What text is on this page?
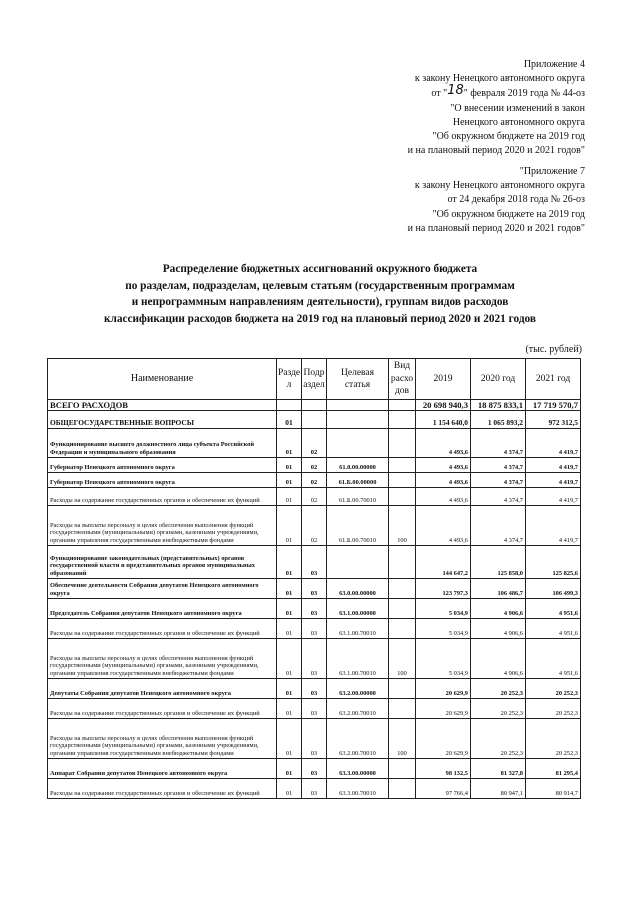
Приложение 4
к закону Ненецкого автономного округа
от "18" февраля 2019 года № 44-оз
"О внесении изменений в закон
Ненецкого автономного округа
"Об окружном бюджете на 2019 год
и на плановый период 2020 и 2021 годов"
"Приложение 7
к закону Ненецкого автономного округа
от 24 декабря 2018 года № 26-оз
"Об окружном бюджете на 2019 год
и на плановый период 2020 и 2021 годов"
Распределение бюджетных ассигнований окружного бюджета
по разделам, подразделам, целевым статьям (государственным программам
и непрограммным направлениям деятельности), группам видов расходов
классификации расходов бюджета на 2019 год на плановый период 2020 и 2021 годов
(тыс. рублей)
Наименование	Разде л	Подр аздел	Целевая статья	Вид расхо дов	2019	2020 год	2021 год
ВСЕГО РАСХОДОВ					20 698 940,3	18 875 833,1	17 719 570,7
ОБЩЕГОСУДАРСТВЕННЫЕ ВОПРОСЫ	01				1 154 640,0	1 065 893,2	972 312,5
Функционирование высшего должностного лица субъекта Российской Федерации и муниципального образования	01	02			4 493,6	4 374,7	4 419,7
Губернатор Ненецкого автономного округа	01	02	61.0.00.00000		4 493,6	4 374,7	4 419,7
Губернатор Ненецкого автономного округа	01	02	61.Б.00.00000		4 493,6	4 374,7	4 419,7
Расходы на содержание государственных органов и обеспечение их функций	01	02	61.Б.00.70010		4 493,6	4 374,7	4 419,7
Расходы на выплаты персоналу в целях обеспечения выполнения функций государственными (муниципальными) органами, казенными учреждениями, органами управления государственными внебюджетными фондами	01	02	61.Б.00.70010	100	4 493,6	4 374,7	4 419,7
Функционирование законодательных (представительных) органов государственной власти и представительных органов муниципальных образований	01	03			144 647,2	125 858,0	125 825,6
Обеспечение деятельности Собрания депутатов Ненецкого автономного округа	01	03	63.0.00.00000		123 797,3	106 486,7	106 499,3
Председатель Собрания депутатов Ненецкого автономного округа	01	03	63.1.00.00000		5 034,9	4 906,6	4 951,6
Расходы на содержание государственных органов и обеспечение их функций	01	03	63.1.00.70010		5 034,9	4 906,6	4 951,6
Расходы на выплаты персоналу в целях обеспечения выполнения функций государственными (муниципальными) органами, казенными учреждениями, органами управления государственными внебюджетными фондами	01	03	63.1.00.70010	100	5 034,9	4 906,6	4 951,6
Депутаты Собрания депутатов Ненецкого автономного округа	01	03	63.2.00.00000		20 629,9	20 252,3	20 252,3
Расходы на содержание государственных органов и обеспечение их функций	01	03	63.2.00.70010		20 629,9	20 252,3	20 252,3
Расходы на выплаты персоналу в целях обеспечения выполнения функций государственными (муниципальными) органами, казенными учреждениями, органами управления государственными внебюджетными фондами	01	03	63.2.00.70010	100	20 629,9	20 252,3	20 252,3
Аппарат Собрания депутатов Ненецкого автономного округа	01	03	63.3.00.00000		98 132,5	81 327,8	81 295,4
Расходы на содержание государственных органов и обеспечение их функций	01	03	63.3.00.70010		97 766,4	80 947,1	80 914,7
